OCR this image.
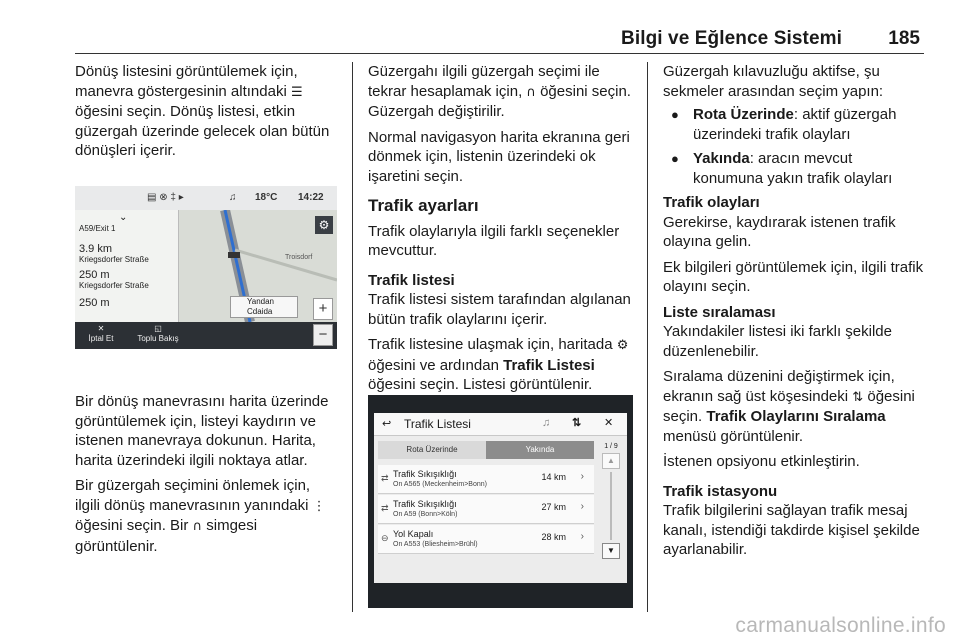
Bilgi ve Eğlence Sistemi 185

Dönüş listesini görüntülemek için, manevra göstergesinin altındaki ☰ öğesini seçin. Dönüş listesi, etkin güzergah üzerinde gelecek olan bütün dönüşleri içerir.

▤ ⊗ ‡ ▸	♫ 18°C 14:22
Troisdorf
⌄
A59/Exit 1
3.9 km
Kriegsdorfer Straße
250 m
Kriegsdorfer Straße
250 m
⚙
+
Yandan Cdaida
✕
İptal Et
◱
Toplu Bakış	−

Bir dönüş manevrasını harita üzerinde görüntülemek için, listeyi kaydırın ve istenen manevraya dokunun. Harita, harita üzerindeki ilgili noktaya atlar.

Bir güzergah seçimini önlemek için, ilgili dönüş manevrasının yanındaki ⋮ öğesini seçin. Bir ∩ simgesi görüntülenir.

Güzergahı ilgili güzergah seçimi ile tekrar hesaplamak için, ∩ öğesini seçin. Güzergah değiştirilir.

Normal navigasyon harita ekranına geri dönmek için, listenin üzerindeki ok işaretini seçin.

Trafik ayarları

Trafik olaylarıyla ilgili farklı seçenekler mevcuttur.

Trafik listesi
Trafik listesi sistem tarafından algılanan bütün trafik olaylarını içerir.

Trafik listesine ulaşmak için, haritada ⚙ öğesini ve ardından Trafik Listesi öğesini seçin. Listesi görüntülenir.

↩ Trafik Listesi	♫ ⇅ ✕
Rota Üzerinde	Yakında
⇄ Trafik Sıkışıklığı
On A565 (Meckenheim>Bonn)
14 km ›
⇄ Trafik Sıkışıklığı
On A59 (Bonn>Köln)
27 km ›
⊖ Yol Kapalı
On A553 (Bliesheim>Brühl)
28 km ›
1 / 9
▲
▼

Güzergah kılavuzluğu aktifse, şu sekmeler arasından seçim yapın:

● Rota Üzerinde: aktif güzergah üzerindeki trafik olayları
● Yakında: aracın mevcut konumuna yakın trafik olayları

Trafik olayları
Gerekirse, kaydırarak istenen trafik olayına gelin.

Ek bilgileri görüntülemek için, ilgili trafik olayını seçin.

Liste sıralaması
Yakındakiler listesi iki farklı şekilde düzenlenebilir.

Sıralama düzenini değiştirmek için, ekranın sağ üst köşesindeki ⇅ öğesini seçin. Trafik Olaylarını Sıralama menüsü görüntülenir.

İstenen opsiyonu etkinleştirin.

Trafik istasyonu
Trafik bilgilerini sağlayan trafik mesaj kanalı, istendiği takdirde kişisel şekilde ayarlanabilir.

carmanualsonline.info
